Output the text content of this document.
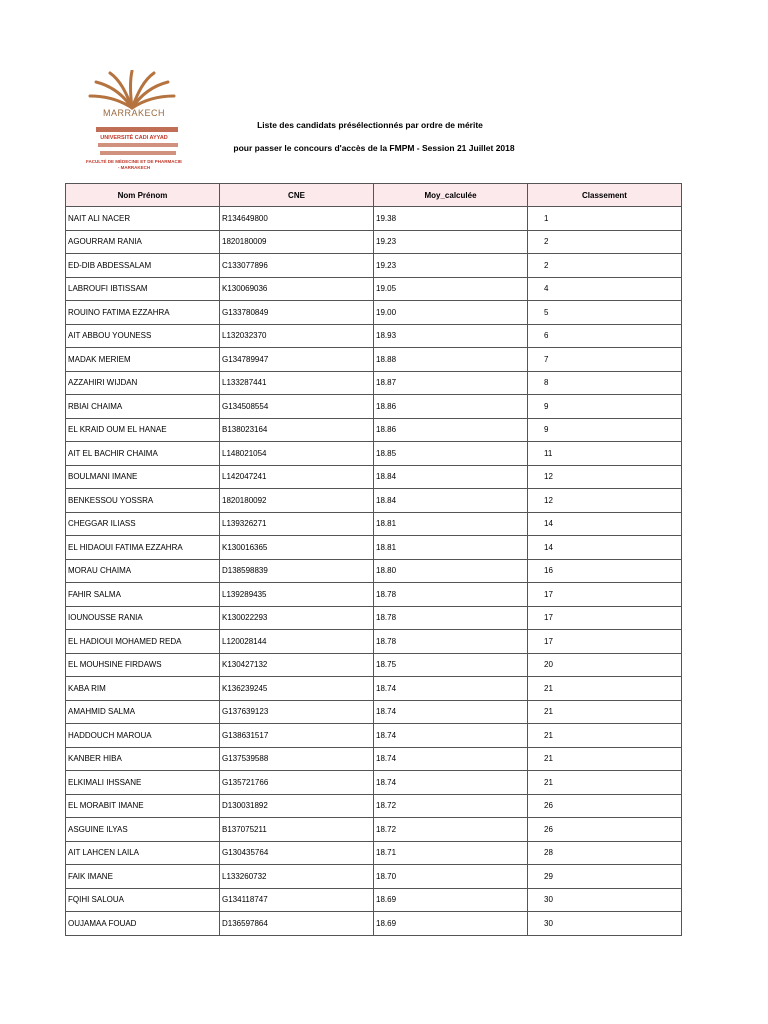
MARRAKECH
UNIVERSITÉ CADI AYYAD
FACULTÉ DE MÉDECINE ET DE PHARMACIE - MARRAKECH
Liste des candidats présélectionnés par ordre de mérite
pour passer le concours d'accès de la FMPM - Session 21 Juillet 2018
Nom Prénom	CNE	Moy_calculée	Classement
NAIT ALI NACER	R134649800	19.38	1
AGOURRAM RANIA	1820180009	19.23	2
ED-DIB ABDESSALAM	C133077896	19.23	2
LABROUFI IBTISSAM	K130069036	19.05	4
ROUINO FATIMA EZZAHRA	G133780849	19.00	5
AIT ABBOU YOUNESS	L132032370	18.93	6
MADAK MERIEM	G134789947	18.88	7
AZZAHIRI WIJDAN	L133287441	18.87	8
RBIAI CHAIMA	G134508554	18.86	9
EL KRAID OUM EL HANAE	B138023164	18.86	9
AIT EL BACHIR CHAIMA	L148021054	18.85	11
BOULMANI IMANE	L142047241	18.84	12
BENKESSOU YOSSRA	1820180092	18.84	12
CHEGGAR ILIASS	L139326271	18.81	14
EL HIDAOUI FATIMA EZZAHRA	K130016365	18.81	14
MORAU CHAIMA	D138598839	18.80	16
FAHIR SALMA	L139289435	18.78	17
IOUNOUSSE RANIA	K130022293	18.78	17
EL HADIOUI MOHAMED REDA	L120028144	18.78	17
EL MOUHSINE FIRDAWS	K130427132	18.75	20
KABA RIM	K136239245	18.74	21
AMAHMID SALMA	G137639123	18.74	21
HADDOUCH MAROUA	G138631517	18.74	21
KANBER HIBA	G137539588	18.74	21
ELKIMALI IHSSANE	G135721766	18.74	21
EL MORABIT IMANE	D130031892	18.72	26
ASGUINE ILYAS	B137075211	18.72	26
AIT LAHCEN LAILA	G130435764	18.71	28
FAIK IMANE	L133260732	18.70	29
FQIHI SALOUA	G134118747	18.69	30
OUJAMAA FOUAD	D136597864	18.69	30
